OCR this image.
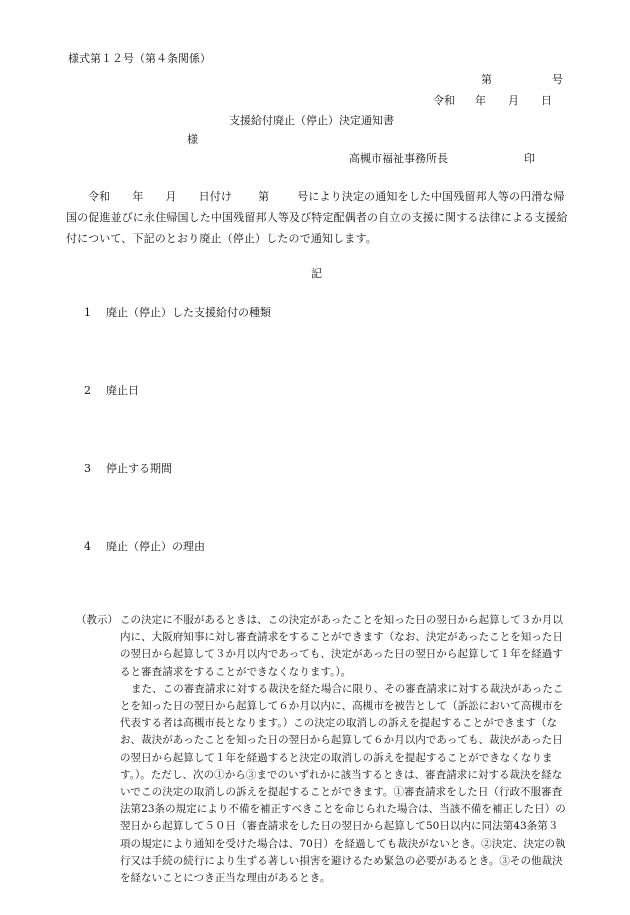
様式第１２号（第４条関係）
第	号
令和 年 月 日
支援給付廃止（停止）決定通知書
様
高槻市福祉事務所長	印
令和 年 月 日付け 第	号により決定の通知をした中国残留邦人等の円滑な帰国の促進並びに永住帰国した中国残留邦人等及び特定配偶者の自立の支援に関する法律による支援給付について、下記のとおり廃止（停止）したので通知します。
記
1 廃止（停止）した支援給付の種類
2 廃止日
3 停止する期間
4 廃止（停止）の理由
（教示） この決定に不服があるときは、この決定があったことを知った日の翌日から起算して３か月以内に、大阪府知事に対し審査請求をすることができます（なお、決定があったことを知った日の翌日から起算して３か月以内であっても、決定があった日の翌日から起算して１年を経過すると審査請求をすることができなくなります。）。

また、この審査請求に対する裁決を経た場合に限り、その審査請求に対する裁決があったことを知った日の翌日から起算して６か月以内に、高槻市を被告として（訴訟において高槻市を代表する者は高槻市長となります。）この決定の取消しの訴えを提起することができます（なお、裁決があったことを知った日の翌日から起算して６か月以内であっても、裁決があった日の翌日から起算して１年を経過すると決定の取消しの訴えを提起することができなくなります。）。ただし、次の①から③までのいずれかに該当するときは、審査請求に対する裁決を経ないでこの決定の取消しの訴えを提起することができます。①審査請求をした日（行政不服審査法第23条の規定により不備を補正すべきことを命じられた場合は、当該不備を補正した日）の翌日から起算して５０日（審査請求をした日の翌日から起算して50日以内に同法第43条第３項の規定により通知を受けた場合は、70日）を経過しても裁決がないとき。②決定、決定の執行又は手続の続行により生ずる著しい損害を避けるため緊急の必要があるとき。③その他裁決を経ないことにつき正当な理由があるとき。
